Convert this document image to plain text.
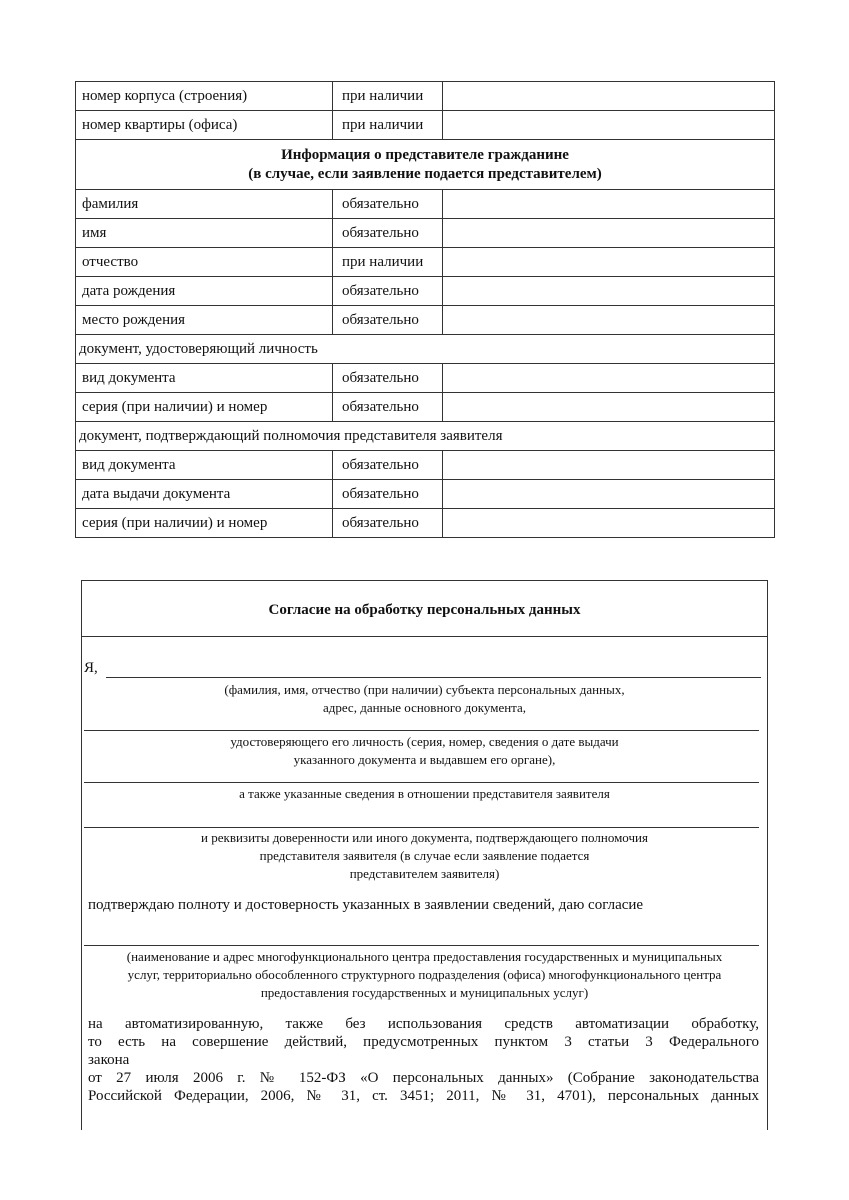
номер корпуса (строения)	при наличии	
номер квартиры (офиса)	при наличии	

Информация о представителе гражданине
(в случае, если заявление подается представителем)		

фамилия	обязательно	
имя	обязательно	
отчество	при наличии	
дата рождения	обязательно	
место рождения	обязательно	
документ, удостоверяющий личность		
вид документа	обязательно	
серия (при наличии) и номер	обязательно	
документ, подтверждающий полномочия представителя заявителя		
вид документа	обязательно	
дата выдачи документа	обязательно	
серия (при наличии) и номер	обязательно	
Согласие на обработку персональных данных
Я,
(фамилия, имя, отчество (при наличии) субъекта персональных данных,
адрес, данные основного документа,
удостоверяющего его личность (серия, номер, сведения о дате выдачи
указанного документа и выдавшем его органе),
а также указанные сведения в отношении представителя заявителя
и реквизиты доверенности или иного документа, подтверждающего полномочия
представителя заявителя (в случае если заявление подается
представителем заявителя)
подтверждаю полноту и достоверность указанных в заявлении сведений, даю согласие
(наименование и адрес многофункционального центра предоставления государственных и муниципальных
услуг, территориально обособленного структурного подразделения (офиса) многофункционального центра
предоставления государственных и муниципальных услуг)
на автоматизированную, также без использования средств автоматизации обработку,
то есть на совершение действий, предусмотренных пунктом 3 статьи 3 Федерального
закона
от 27 июля 2006 г. № 152-ФЗ «О персональных данных» (Собрание законодательства
Российской Федерации, 2006, № 31, ст. 3451; 2011, № 31, 4701), персональных данных
